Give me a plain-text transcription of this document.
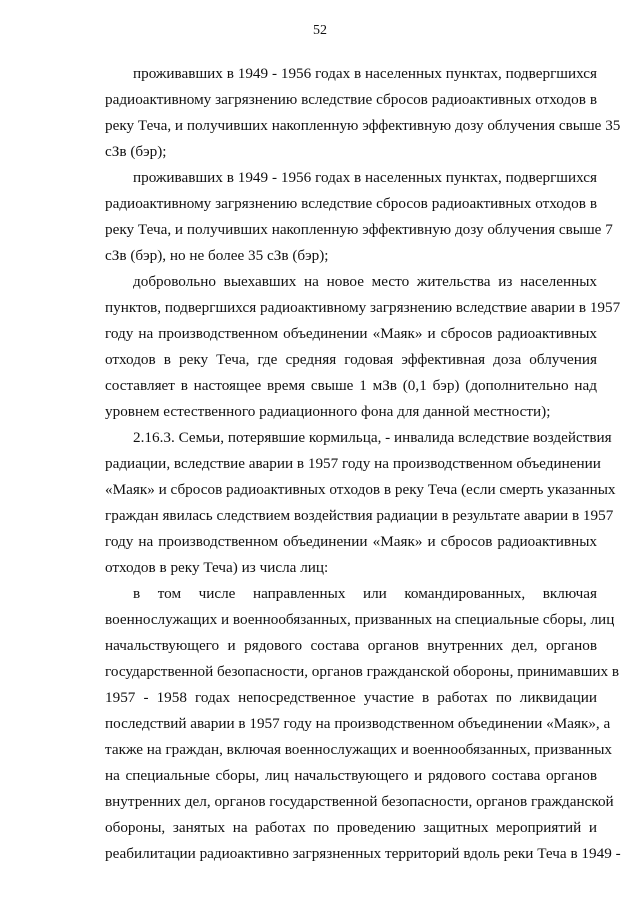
52
проживавших в 1949 - 1956 годах в населенных пунктах, подвергшихся
радиоактивному загрязнению вследствие сбросов радиоактивных отходов в
реку Теча, и получивших накопленную эффективную дозу облучения свыше 35
сЗв (бэр);
проживавших в 1949 - 1956 годах в населенных пунктах, подвергшихся
радиоактивному загрязнению вследствие сбросов радиоактивных отходов в
реку Теча, и получивших накопленную эффективную дозу облучения свыше 7
сЗв (бэр), но не более 35 сЗв (бэр);
добровольно выехавших на новое место жительства из населенных
пунктов, подвергшихся радиоактивному загрязнению вследствие аварии в 1957
году на производственном объединении «Маяк» и сбросов радиоактивных
отходов в реку Теча, где средняя годовая эффективная доза облучения
составляет в настоящее время свыше 1 мЗв (0,1 бэр) (дополнительно над
уровнем естественного радиационного фона для данной местности);
2.16.3. Семьи, потерявшие кормильца, - инвалида вследствие воздействия
радиации, вследствие аварии в 1957 году на производственном объединении
«Маяк» и сбросов радиоактивных отходов в реку Теча (если смерть указанных
граждан явилась следствием воздействия радиации в результате аварии в 1957
году на производственном объединении «Маяк» и сбросов радиоактивных
отходов в реку Теча) из числа лиц:
в том числе направленных или командированных, включая
военнослужащих и военнообязанных, призванных на специальные сборы, лиц
начальствующего и рядового состава органов внутренних дел, органов
государственной безопасности, органов гражданской обороны, принимавших в
1957 - 1958 годах непосредственное участие в работах по ликвидации
последствий аварии в 1957 году на производственном объединении «Маяк», а
также на граждан, включая военнослужащих и военнообязанных, призванных
на специальные сборы, лиц начальствующего и рядового состава органов
внутренних дел, органов государственной безопасности, органов гражданской
обороны, занятых на работах по проведению защитных мероприятий и
реабилитации радиоактивно загрязненных территорий вдоль реки Теча в 1949 -
